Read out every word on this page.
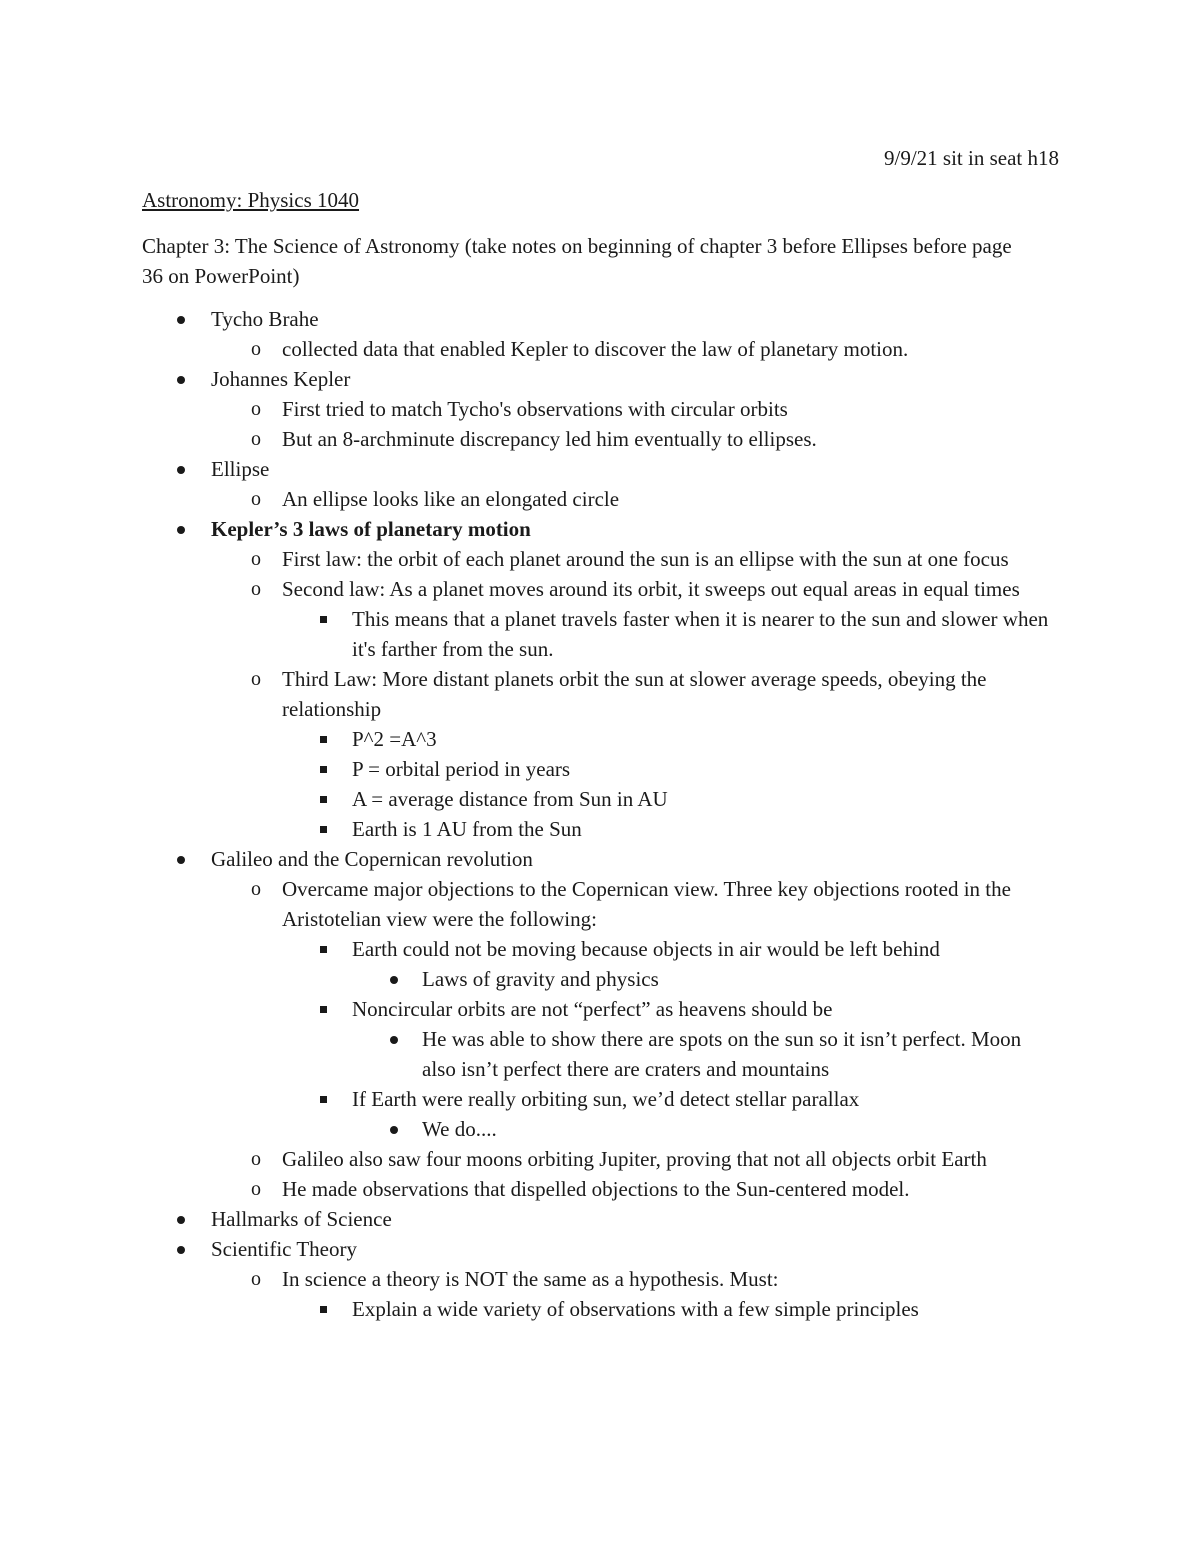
9/9/21 sit in seat h18
Astronomy: Physics 1040
Chapter 3: The Science of Astronomy (take notes on beginning of chapter 3 before Ellipses before page 36 on PowerPoint)
Tycho Brahe
o collected data that enabled Kepler to discover the law of planetary motion.
Johannes Kepler
o First tried to match Tycho's observations with circular orbits
o But an 8-archminute discrepancy led him eventually to ellipses.
Ellipse
o An ellipse looks like an elongated circle
Kepler’s 3 laws of planetary motion
o First law: the orbit of each planet around the sun is an ellipse with the sun at one focus
o Second law: As a planet moves around its orbit, it sweeps out equal areas in equal times
This means that a planet travels faster when it is nearer to the sun and slower when it's farther from the sun.
o Third Law: More distant planets orbit the sun at slower average speeds, obeying the relationship
P^2 =A^3
P = orbital period in years
A = average distance from Sun in AU
Earth is 1 AU from the Sun
Galileo and the Copernican revolution
o Overcame major objections to the Copernican view. Three key objections rooted in the Aristotelian view were the following:
Earth could not be moving because objects in air would be left behind
Laws of gravity and physics
Noncircular orbits are not “perfect” as heavens should be
He was able to show there are spots on the sun so it isn’t perfect. Moon also isn’t perfect there are craters and mountains
If Earth were really orbiting sun, we’d detect stellar parallax
We do....
o Galileo also saw four moons orbiting Jupiter, proving that not all objects orbit Earth
o He made observations that dispelled objections to the Sun-centered model.
Hallmarks of Science
Scientific Theory
o In science a theory is NOT the same as a hypothesis. Must:
Explain a wide variety of observations with a few simple principles
